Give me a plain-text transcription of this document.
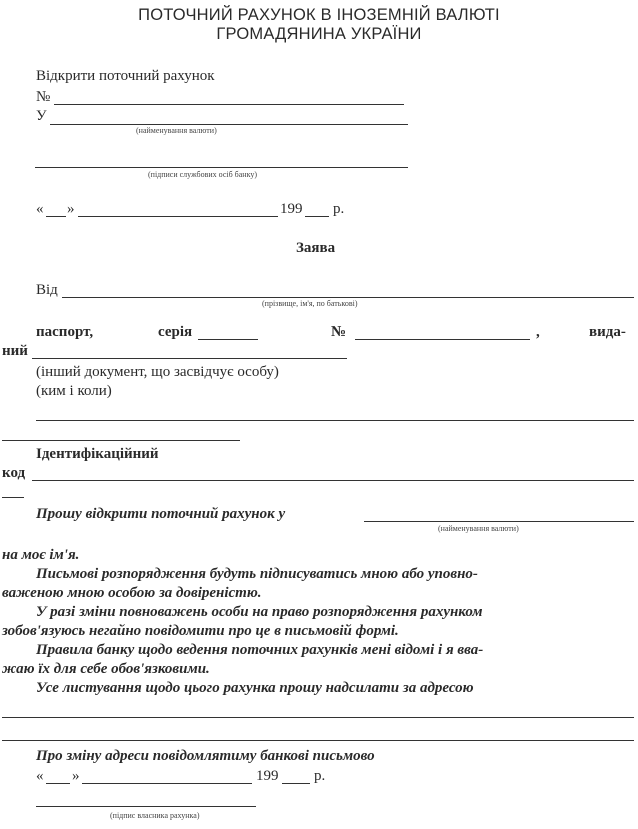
ПОТОЧНИЙ РАХУНОК В ІНОЗЕМНІЙ ВАЛЮТІ
ГРОМАДЯНИНА УКРАЇНИ
Відкрити поточний рахунок
№
У
(найменування валюти)
(підписи службових осіб банку)
« »	199 р.
Заява
Від
(прізвище, ім'я, по батькові)
паспорт,	серія	№	,	вида-
ний
(інший документ, що засвідчує особу)
(ким і коли)
Ідентифікаційний
код
Прошу відкрити поточний рахунок у
(найменування валюти)
на моє ім'я.
Письмові розпорядження будуть підписуватись мною або уповно-
важеною мною особою за довіреністю.
У разі зміни повноважень особи на право розпорядження рахунком
зобов'язуюсь негайно повідомити про це в письмовій формі.
Правила банку щодо ведення поточних рахунків мені відомі і я вва-
жаю їх для себе обов'язковими.
Усе листування щодо цього рахунка прошу надсилати за адресою
Про зміну адреси повідомлятиму банкові письмово
« »	199 р.
(підпис власника рахунка)
